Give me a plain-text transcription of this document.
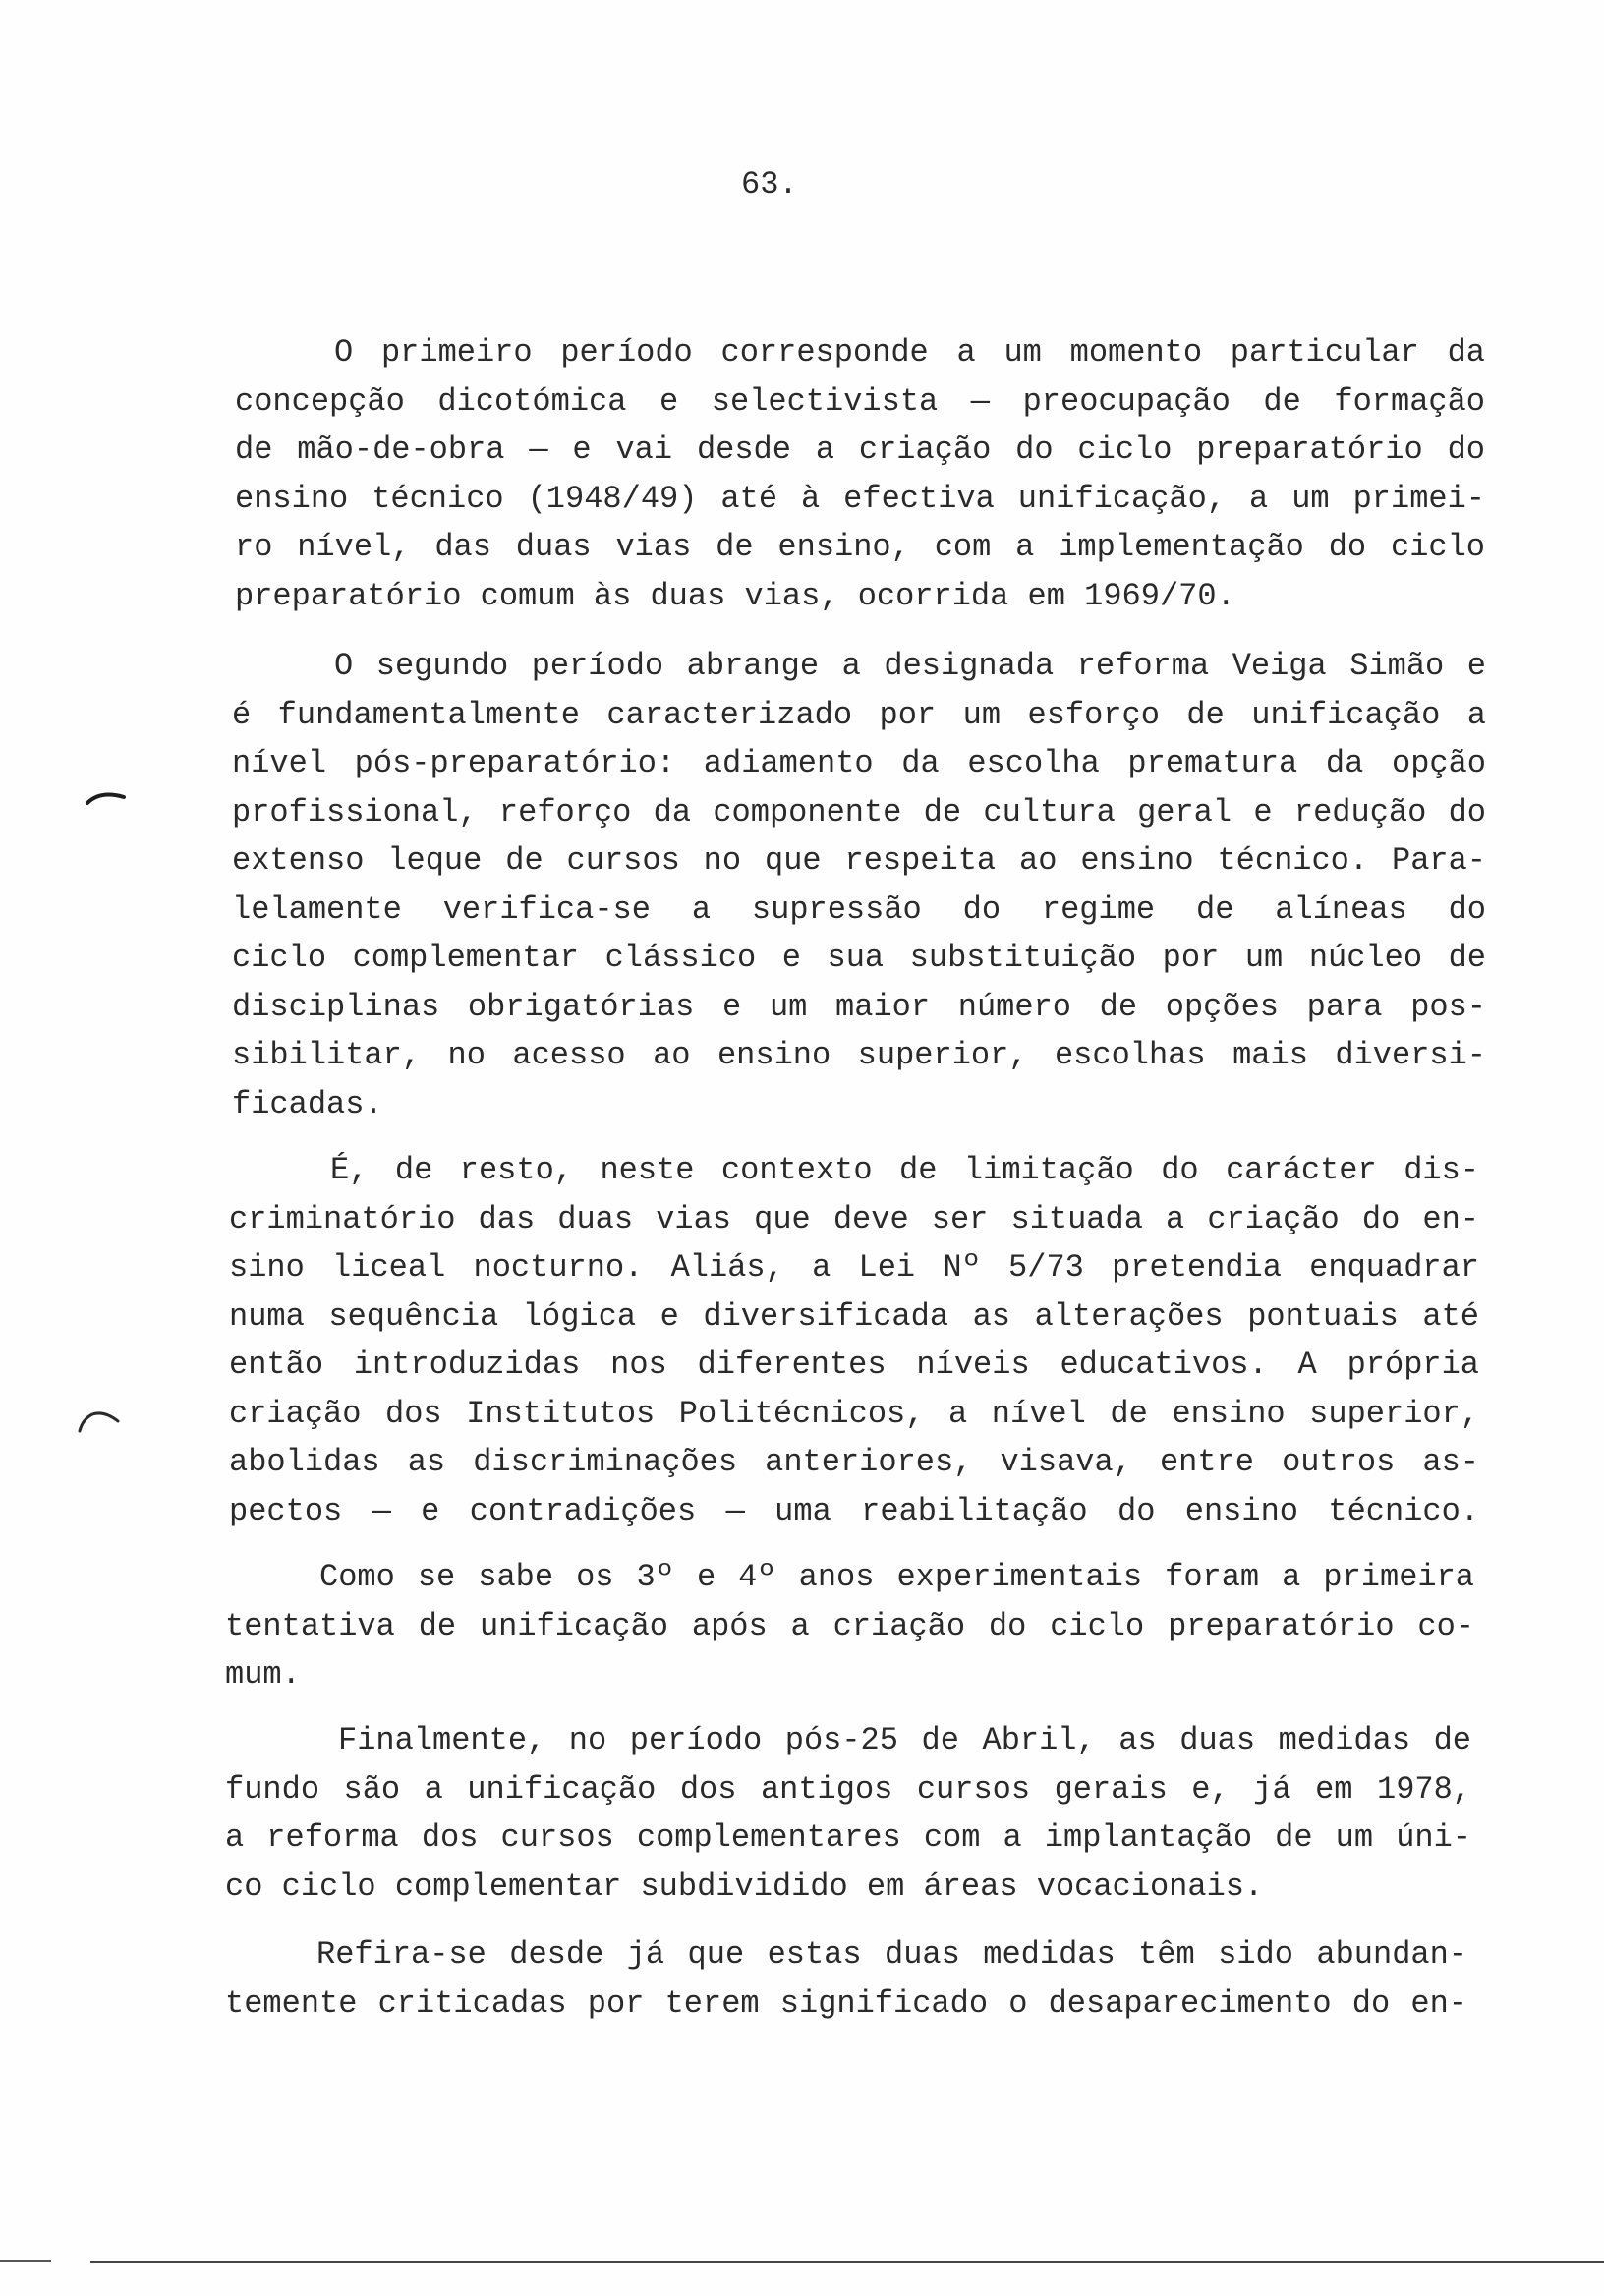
63.
O primeiro período corresponde a um momento particular da
concepção dicotómica e selectivista — preocupação de formação
de mão-de-obra — e vai desde a criação do ciclo preparatório do
ensino técnico (1948/49) até à efectiva unificação, a um primei-
ro nível, das duas vias de ensino, com a implementação do ciclo
preparatório comum às duas vias, ocorrida em 1969/70.
O segundo período abrange a designada reforma Veiga Simão e
é fundamentalmente caracterizado por um esforço de unificação a
nível pós-preparatório: adiamento da escolha prematura da opção
profissional, reforço da componente de cultura geral e redução do
extenso leque de cursos no que respeita ao ensino técnico. Para-
lelamente verifica-se a supressão do regime de alíneas do
ciclo complementar clássico e sua substituição por um núcleo de
disciplinas obrigatórias e um maior número de opções para pos-
sibilitar, no acesso ao ensino superior, escolhas mais diversi-
ficadas.
É, de resto, neste contexto de limitação do carácter dis-
criminatório das duas vias que deve ser situada a criação do en-
sino liceal nocturno. Aliás, a Lei Nº 5/73 pretendia enquadrar
numa sequência lógica e diversificada as alterações pontuais até
então introduzidas nos diferentes níveis educativos. A própria
criação dos Institutos Politécnicos, a nível de ensino superior,
abolidas as discriminações anteriores, visava, entre outros as-
pectos — e contradições — uma reabilitação do ensino técnico.
Como se sabe os 3º e 4º anos experimentais foram a primeira
tentativa de unificação após a criação do ciclo preparatório co-
mum.
Finalmente, no período pós-25 de Abril, as duas medidas de
fundo são a unificação dos antigos cursos gerais e, já em 1978,
a reforma dos cursos complementares com a implantação de um úni-
co ciclo complementar subdividido em áreas vocacionais.
Refira-se desde já que estas duas medidas têm sido abundan-
temente criticadas por terem significado o desaparecimento do en-
